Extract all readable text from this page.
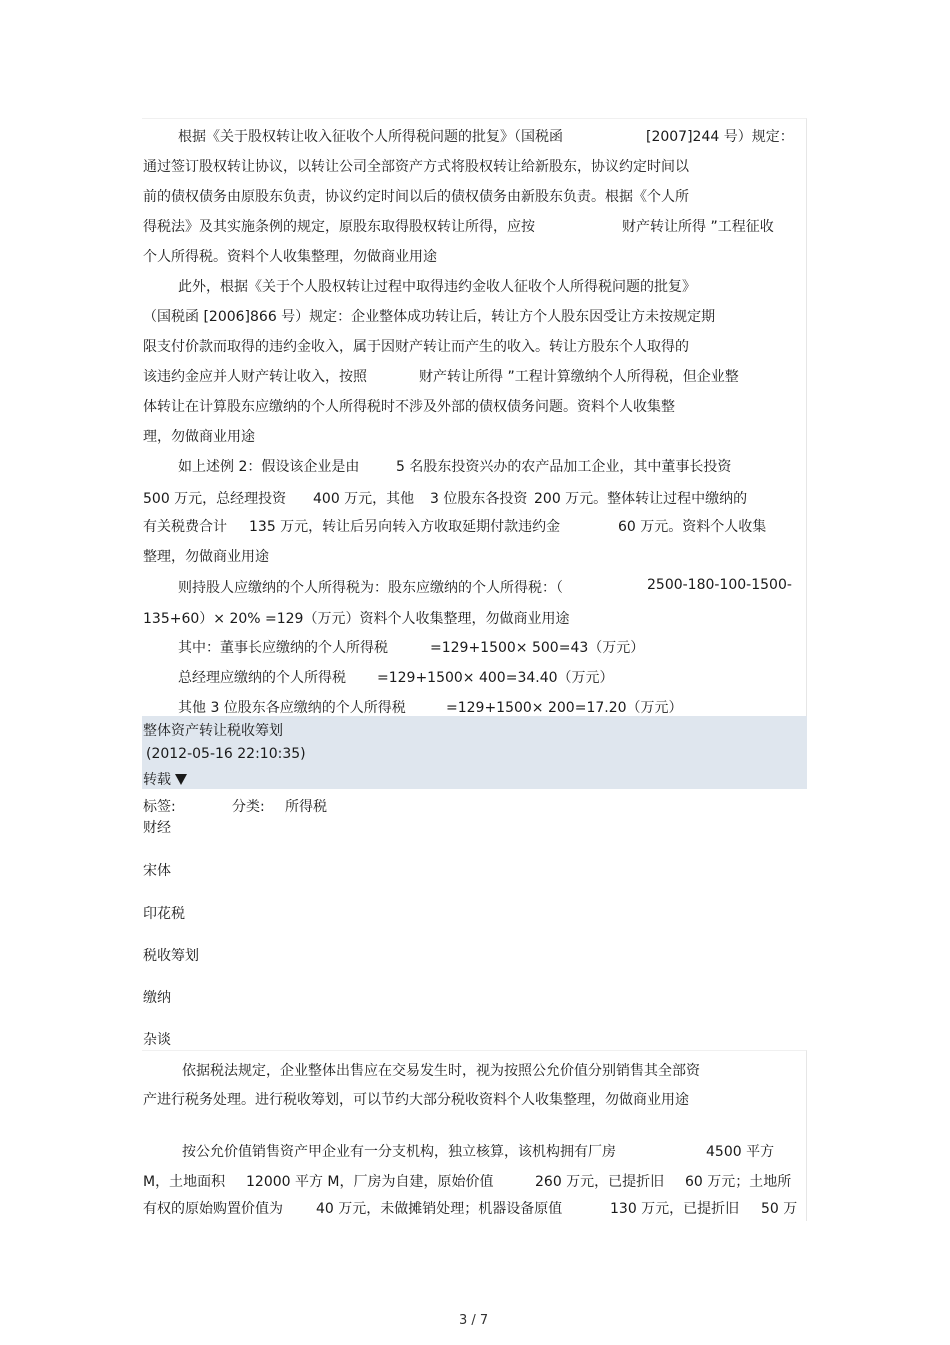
根据《关于股权转让收入征收个人所得税问题的批复》（国税函	[2007]244 号）规定：
通过签订股权转让协议，以转让公司全部资产方式将股权转让给新股东，协议约定时间以
前的债权债务由原股东负责，协议约定时间以后的债权债务由新股东负责。根据《个人所
得税法》及其实施条例的规定，原股东取得股权转让所得，应按	财产转让所得 ”工程征收
个人所得税。资料个人收集整理，勿做商业用途
此外，根据《关于个人股权转让过程中取得违约金收人征收个人所得税问题的批复》
（国税函 [2006]866 号）规定：企业整体成功转让后，转让方个人股东因受让方未按规定期
限支付价款而取得的违约金收入，属于因财产转让而产生的收入。转让方股东个人取得的
该违约金应并人财产转让收入，按照	财产转让所得 ”工程计算缴纳个人所得税，但企业整
体转让在计算股东应缴纳的个人所得税时不涉及外部的债权债务问题。资料个人收集整
理，勿做商业用途
如上述例 2：假设该企业是由	5 名股东投资兴办的农产品加工企业，其中董事长投资
500 万元，总经理投资 400 万元，其他 3 位股东各投资 200 万元。整体转让过程中缴纳的
有关税费合计 135 万元，转让后另向转入方收取延期付款违约金	60 万元。资料个人收集
整理，勿做商业用途
则持股人应缴纳的个人所得税为：股东应缴纳的个人所得税：（	2500-180-100-1500-
135+60）× 20% =129（万元）资料个人收集整理，勿做商业用途
其中：董事长应缴纳的个人所得税	=129+1500× 500=43（万元）
总经理应缴纳的个人所得税 =129+1500× 400=34.40（万元）
其他 3 位股东各应缴纳的个人所得税	=129+1500× 200=17.20（万元）
整体资产转让税收筹划
(2012-05-16 22:10:35)
转载
标签:	分类: 所得税
财经
宋体
印花税
税收筹划
缴纳
杂谈
依据税法规定，企业整体出售应在交易发生时，视为按照公允价值分别销售其全部资
产进行税务处理。进行税收筹划，可以节约大部分税收资料个人收集整理，勿做商业用途
按公允价值销售资产甲企业有一分支机构，独立核算，该机构拥有厂房	4500 平方
M，土地面积 12000 平方 M，厂房为自建，原始价值	260 万元，已提折旧 60 万元；土地所
有权的原始购置价值为 40 万元，未做摊销处理；机器设备原值	130 万元，已提折旧 50 万
3 / 7
